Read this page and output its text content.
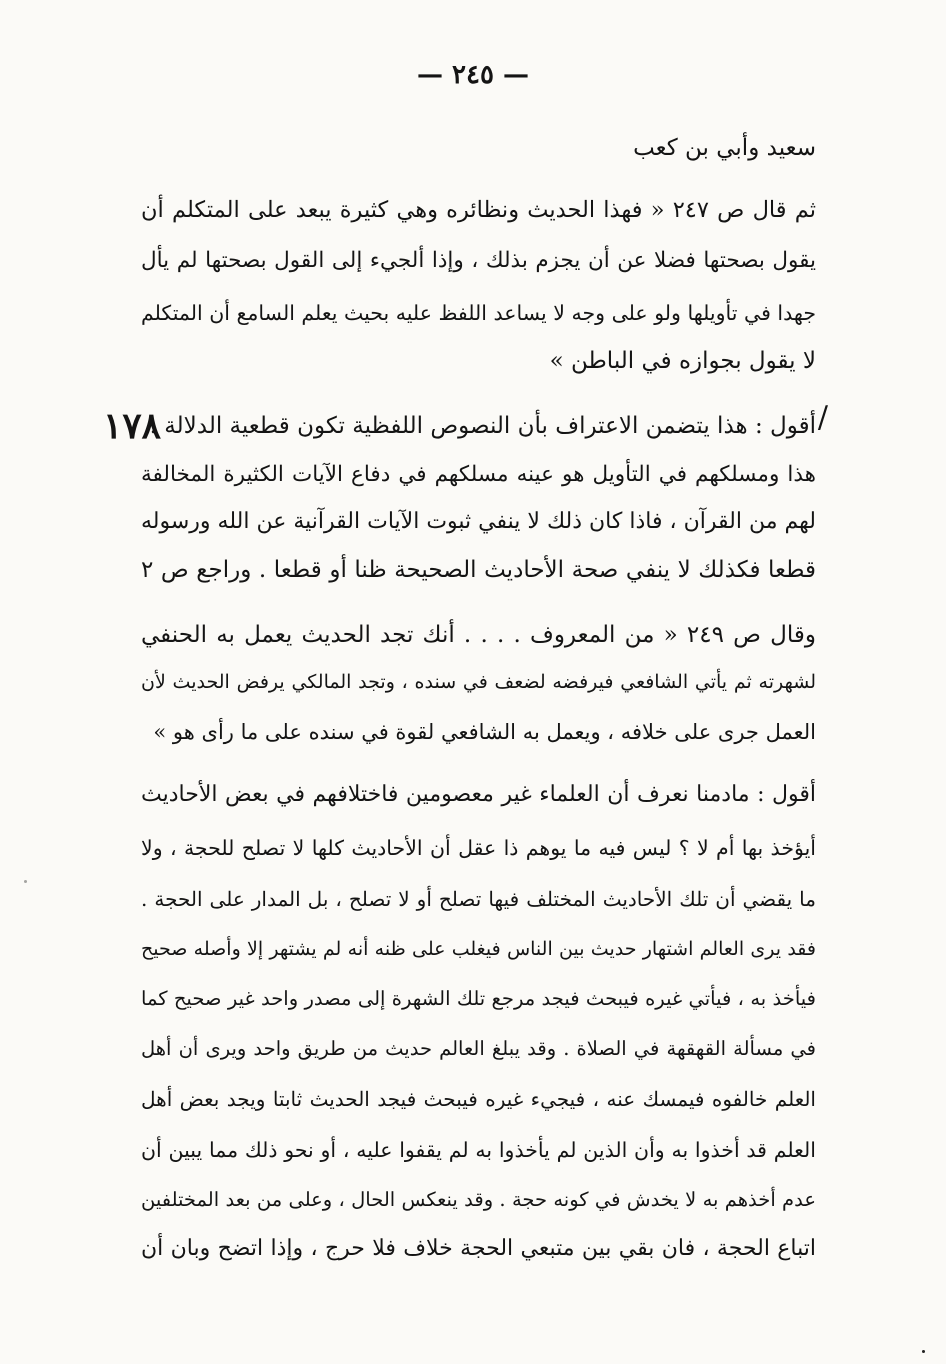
— ٢٤٥ —
سعيد وأبي بن كعب
ثم قال ص ٢٤٧ « فهذا الحديث ونظائره وهي كثيرة يبعد على المتكلم أن
يقول بصحتها فضلا عن أن يجزم بذلك ، وإذا ألجيء إلى القول بصحتها لم يأل
جهدا في تأويلها ولو على وجه لا يساعد اللفظ عليه بحيث يعلم السامع أن المتكلم
لا يقول بجوازه في الباطن »
/
١٧٨
أقول : هذا يتضمن الاعتراف بأن النصوص اللفظية تكون قطعية الدلالة .
هذا ومسلكهم في التأويل هو عينه مسلكهم في دفاع الآيات الكثيرة المخالفة
لهم من القرآن ، فاذا كان ذلك لا ينفي ثبوت الآيات القرآنية عن الله ورسوله
قطعا فكذلك لا ينفي صحة الأحاديث الصحيحة ظنا أو قطعا . وراجع ص ٢
وقال ص ٢٤٩ « من المعروف . . . . أنك تجد الحديث يعمل به الحنفي
لشهرته ثم يأتي الشافعي فيرفضه لضعف في سنده ، وتجد المالكي يرفض الحديث لأن
العمل جرى على خلافه ، ويعمل به الشافعي لقوة في سنده على ما رأى هو »
أقول : مادمنا نعرف أن العلماء غير معصومين فاختلافهم في بعض الأحاديث
أيؤخذ بها أم لا ؟ ليس فيه ما يوهم ذا عقل أن الأحاديث كلها لا تصلح للحجة ، ولا
ما يقضي أن تلك الأحاديث المختلف فيها تصلح أو لا تصلح ، بل المدار على الحجة .
فقد يرى العالم اشتهار حديث بين الناس فيغلب على ظنه أنه لم يشتهر إلا وأصله صحيح
فيأخذ به ، فيأتي غيره فيبحث فيجد مرجع تلك الشهرة إلى مصدر واحد غير صحيح كما
في مسألة القهقهة في الصلاة . وقد يبلغ العالم حديث من طريق واحد ويرى أن أهل
العلم خالفوه فيمسك عنه ، فيجيء غيره فيبحث فيجد الحديث ثابتا ويجد بعض أهل
العلم قد أخذوا به وأن الذين لم يأخذوا به لم يقفوا عليه ، أو نحو ذلك مما يبين أن
عدم أخذهم به لا يخدش في كونه حجة . وقد ينعكس الحال ، وعلى من بعد المختلفين
اتباع الحجة ، فان بقي بين متبعي الحجة خلاف فلا حرج ، وإذا اتضح وبان أن
